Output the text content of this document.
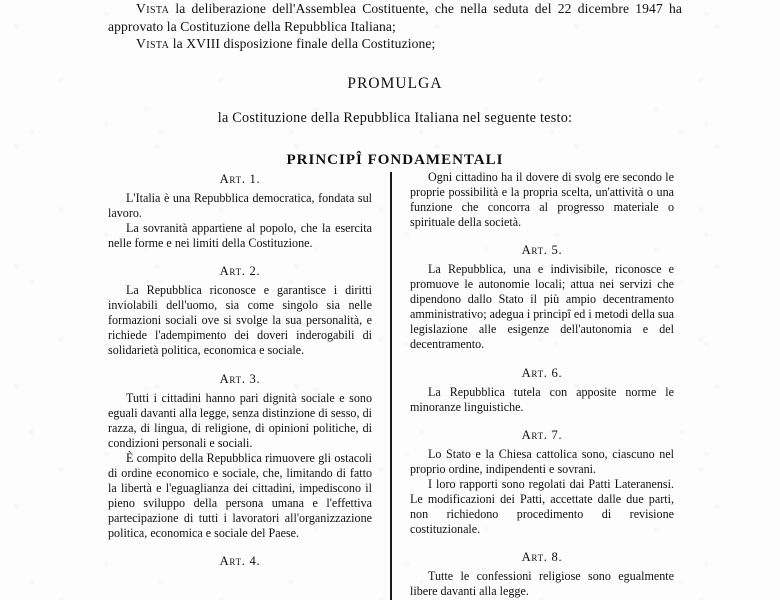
Vista la deliberazione dell'Assemblea Costituente, che nella seduta del 22 dicembre 1947 ha approvato la Costituzione della Repubblica Italiana;

Vista la XVIII disposizione finale della Costituzione;

PROMULGA
la Costituzione della Repubblica Italiana nel seguente testo:
PRINCIPÎ FONDAMENTALI
Art. 1.

L'Italia è una Repubblica democratica, fondata sul lavoro.

La sovranità appartiene al popolo, che la esercita nelle forme e nei limiti della Costituzione.

Art. 2.

La Repubblica riconosce e garantisce i diritti inviolabili dell'uomo, sia come singolo sia nelle formazioni sociali ove si svolge la sua personalità, e richiede l'adempimento dei doveri inderogabili di solidarietà politica, economica e sociale.

Art. 3.

Tutti i cittadini hanno pari dignità sociale e sono eguali davanti alla legge, senza distinzione di sesso, di razza, di lingua, di religione, di opinioni politiche, di condizioni personali e sociali.

È compito della Repubblica rimuovere gli ostacoli di ordine economico e sociale, che, limitando di fatto la libertà e l'eguaglianza dei cittadini, impediscono il pieno sviluppo della persona umana e l'effettiva partecipazione di tutti i lavoratori all'organizzazione politica, economica e sociale del Paese.

Art. 4.

Ogni cittadino ha il dovere di svolg ere secondo le proprie possibilità e la propria scelta, un'attività o una funzione che concorra al progresso materiale o spirituale della società.

Art. 5.

La Repubblica, una e indivisibile, riconosce e promuove le autonomie locali; attua nei servizi che dipendono dallo Stato il più ampio decentramento amministrativo; adegua i principî ed i metodi della sua legislazione alle esigenze dell'autonomia e del decentramento.

Art. 6.

La Repubblica tutela con apposite norme le minoranze linguistiche.

Art. 7.

Lo Stato e la Chiesa cattolica sono, ciascuno nel proprio ordine, indipendenti e sovrani.

I loro rapporti sono regolati dai Patti Lateranensi. Le modificazioni dei Patti, accettate dalle due parti, non richiedono procedimento di revisione costituzionale.

Art. 8.

Tutte le confessioni religiose sono egualmente libere davanti alla legge.
